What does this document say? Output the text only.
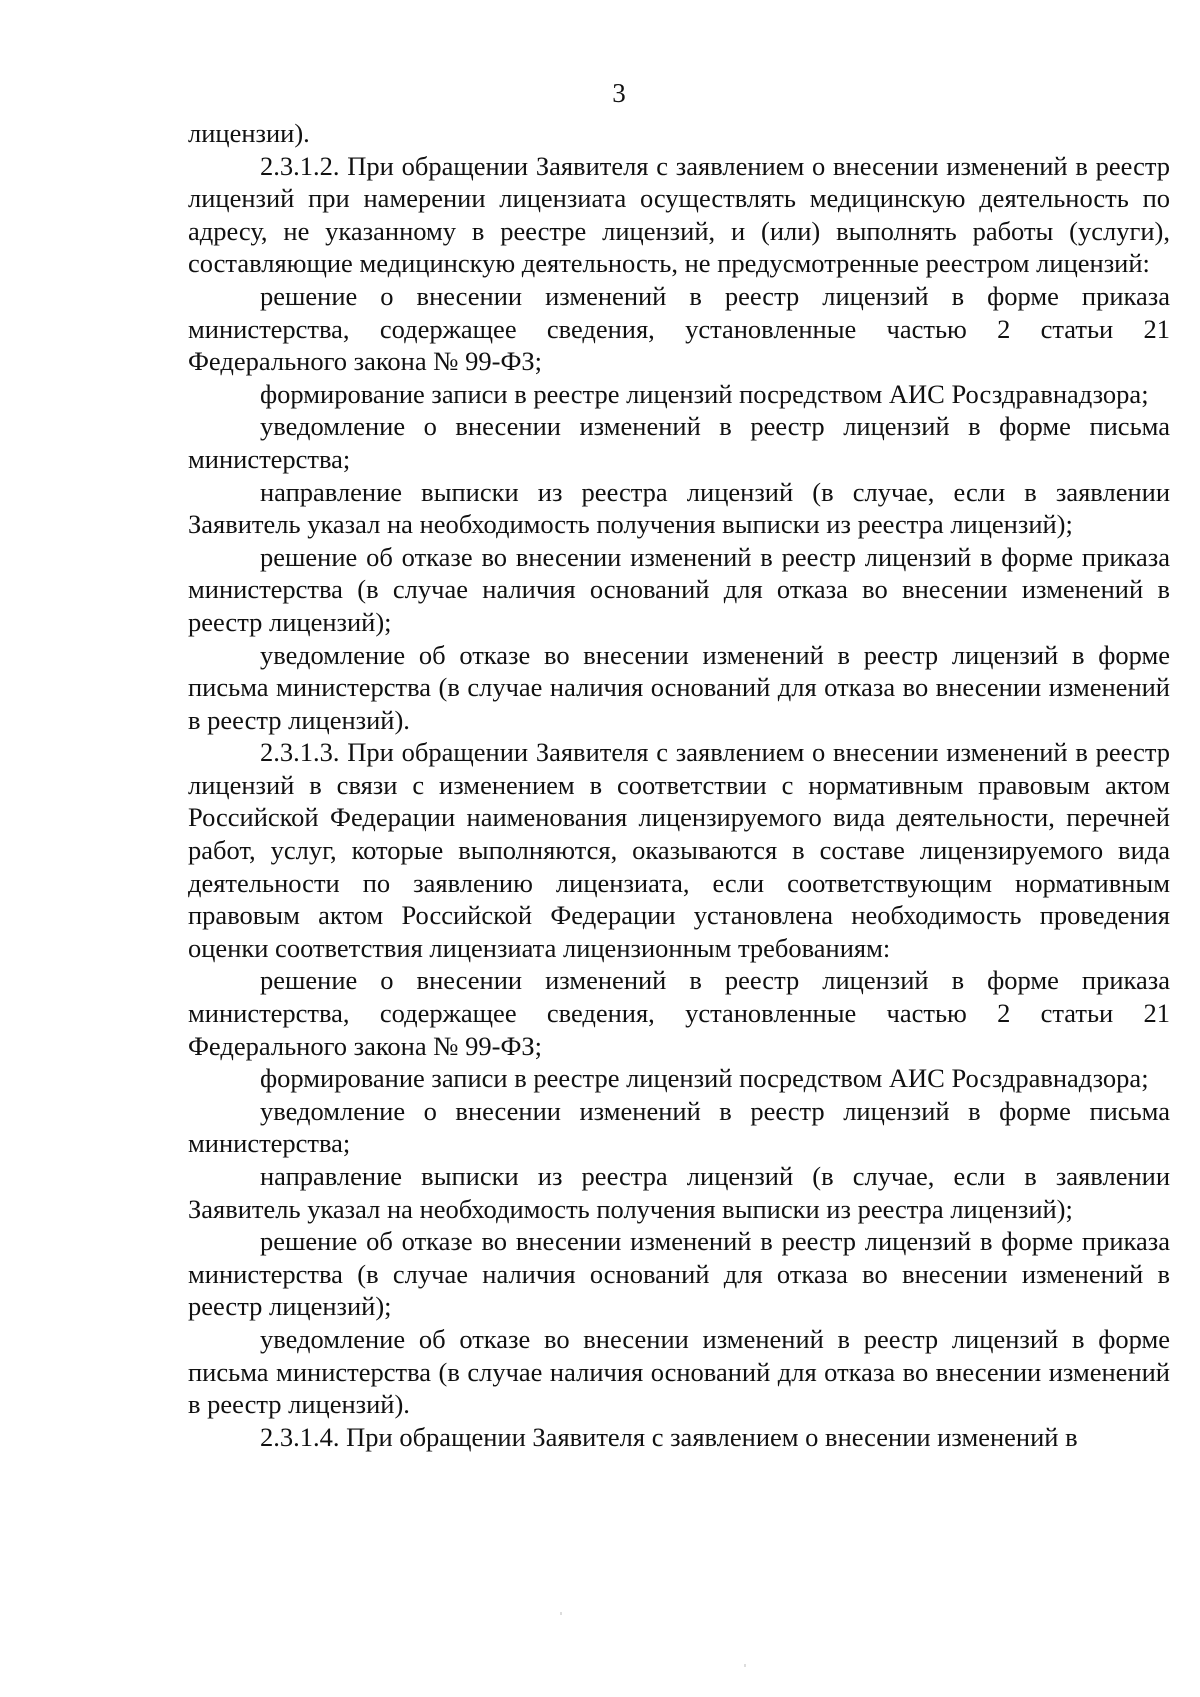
3

лицензии).

2.3.1.2. При обращении Заявителя с заявлением о внесении изменений в реестр лицензий при намерении лицензиата осуществлять медицинскую деятельность по адресу, не указанному в реестре лицензий, и (или) выполнять работы (услуги), составляющие медицинскую деятельность, не предусмотренные реестром лицензий:

решение о внесении изменений в реестр лицензий в форме приказа министерства, содержащее сведения, установленные частью 2 статьи 21 Федерального закона № 99-ФЗ;

формирование записи в реестре лицензий посредством АИС Росздравнадзора;

уведомление о внесении изменений в реестр лицензий в форме письма министерства;

направление выписки из реестра лицензий (в случае, если в заявлении Заявитель указал на необходимость получения выписки из реестра лицензий);

решение об отказе во внесении изменений в реестр лицензий в форме приказа министерства (в случае наличия оснований для отказа во внесении изменений в реестр лицензий);

уведомление об отказе во внесении изменений в реестр лицензий в форме письма министерства (в случае наличия оснований для отказа во внесении изменений в реестр лицензий).

2.3.1.3. При обращении Заявителя с заявлением о внесении изменений в реестр лицензий в связи с изменением в соответствии с нормативным правовым актом Российской Федерации наименования лицензируемого вида деятельности, перечней работ, услуг, которые выполняются, оказываются в составе лицензируемого вида деятельности по заявлению лицензиата, если соответствующим нормативным правовым актом Российской Федерации установлена необходимость проведения оценки соответствия лицензиата лицензионным требованиям:

решение о внесении изменений в реестр лицензий в форме приказа министерства, содержащее сведения, установленные частью 2 статьи 21 Федерального закона № 99-ФЗ;

формирование записи в реестре лицензий посредством АИС Росздравнадзора;

уведомление о внесении изменений в реестр лицензий в форме письма министерства;

направление выписки из реестра лицензий (в случае, если в заявлении Заявитель указал на необходимость получения выписки из реестра лицензий);

решение об отказе во внесении изменений в реестр лицензий в форме приказа министерства (в случае наличия оснований для отказа во внесении изменений в реестр лицензий);

уведомление об отказе во внесении изменений в реестр лицензий в форме письма министерства (в случае наличия оснований для отказа во внесении изменений в реестр лицензий).

2.3.1.4. При обращении Заявителя с заявлением о внесении изменений в
